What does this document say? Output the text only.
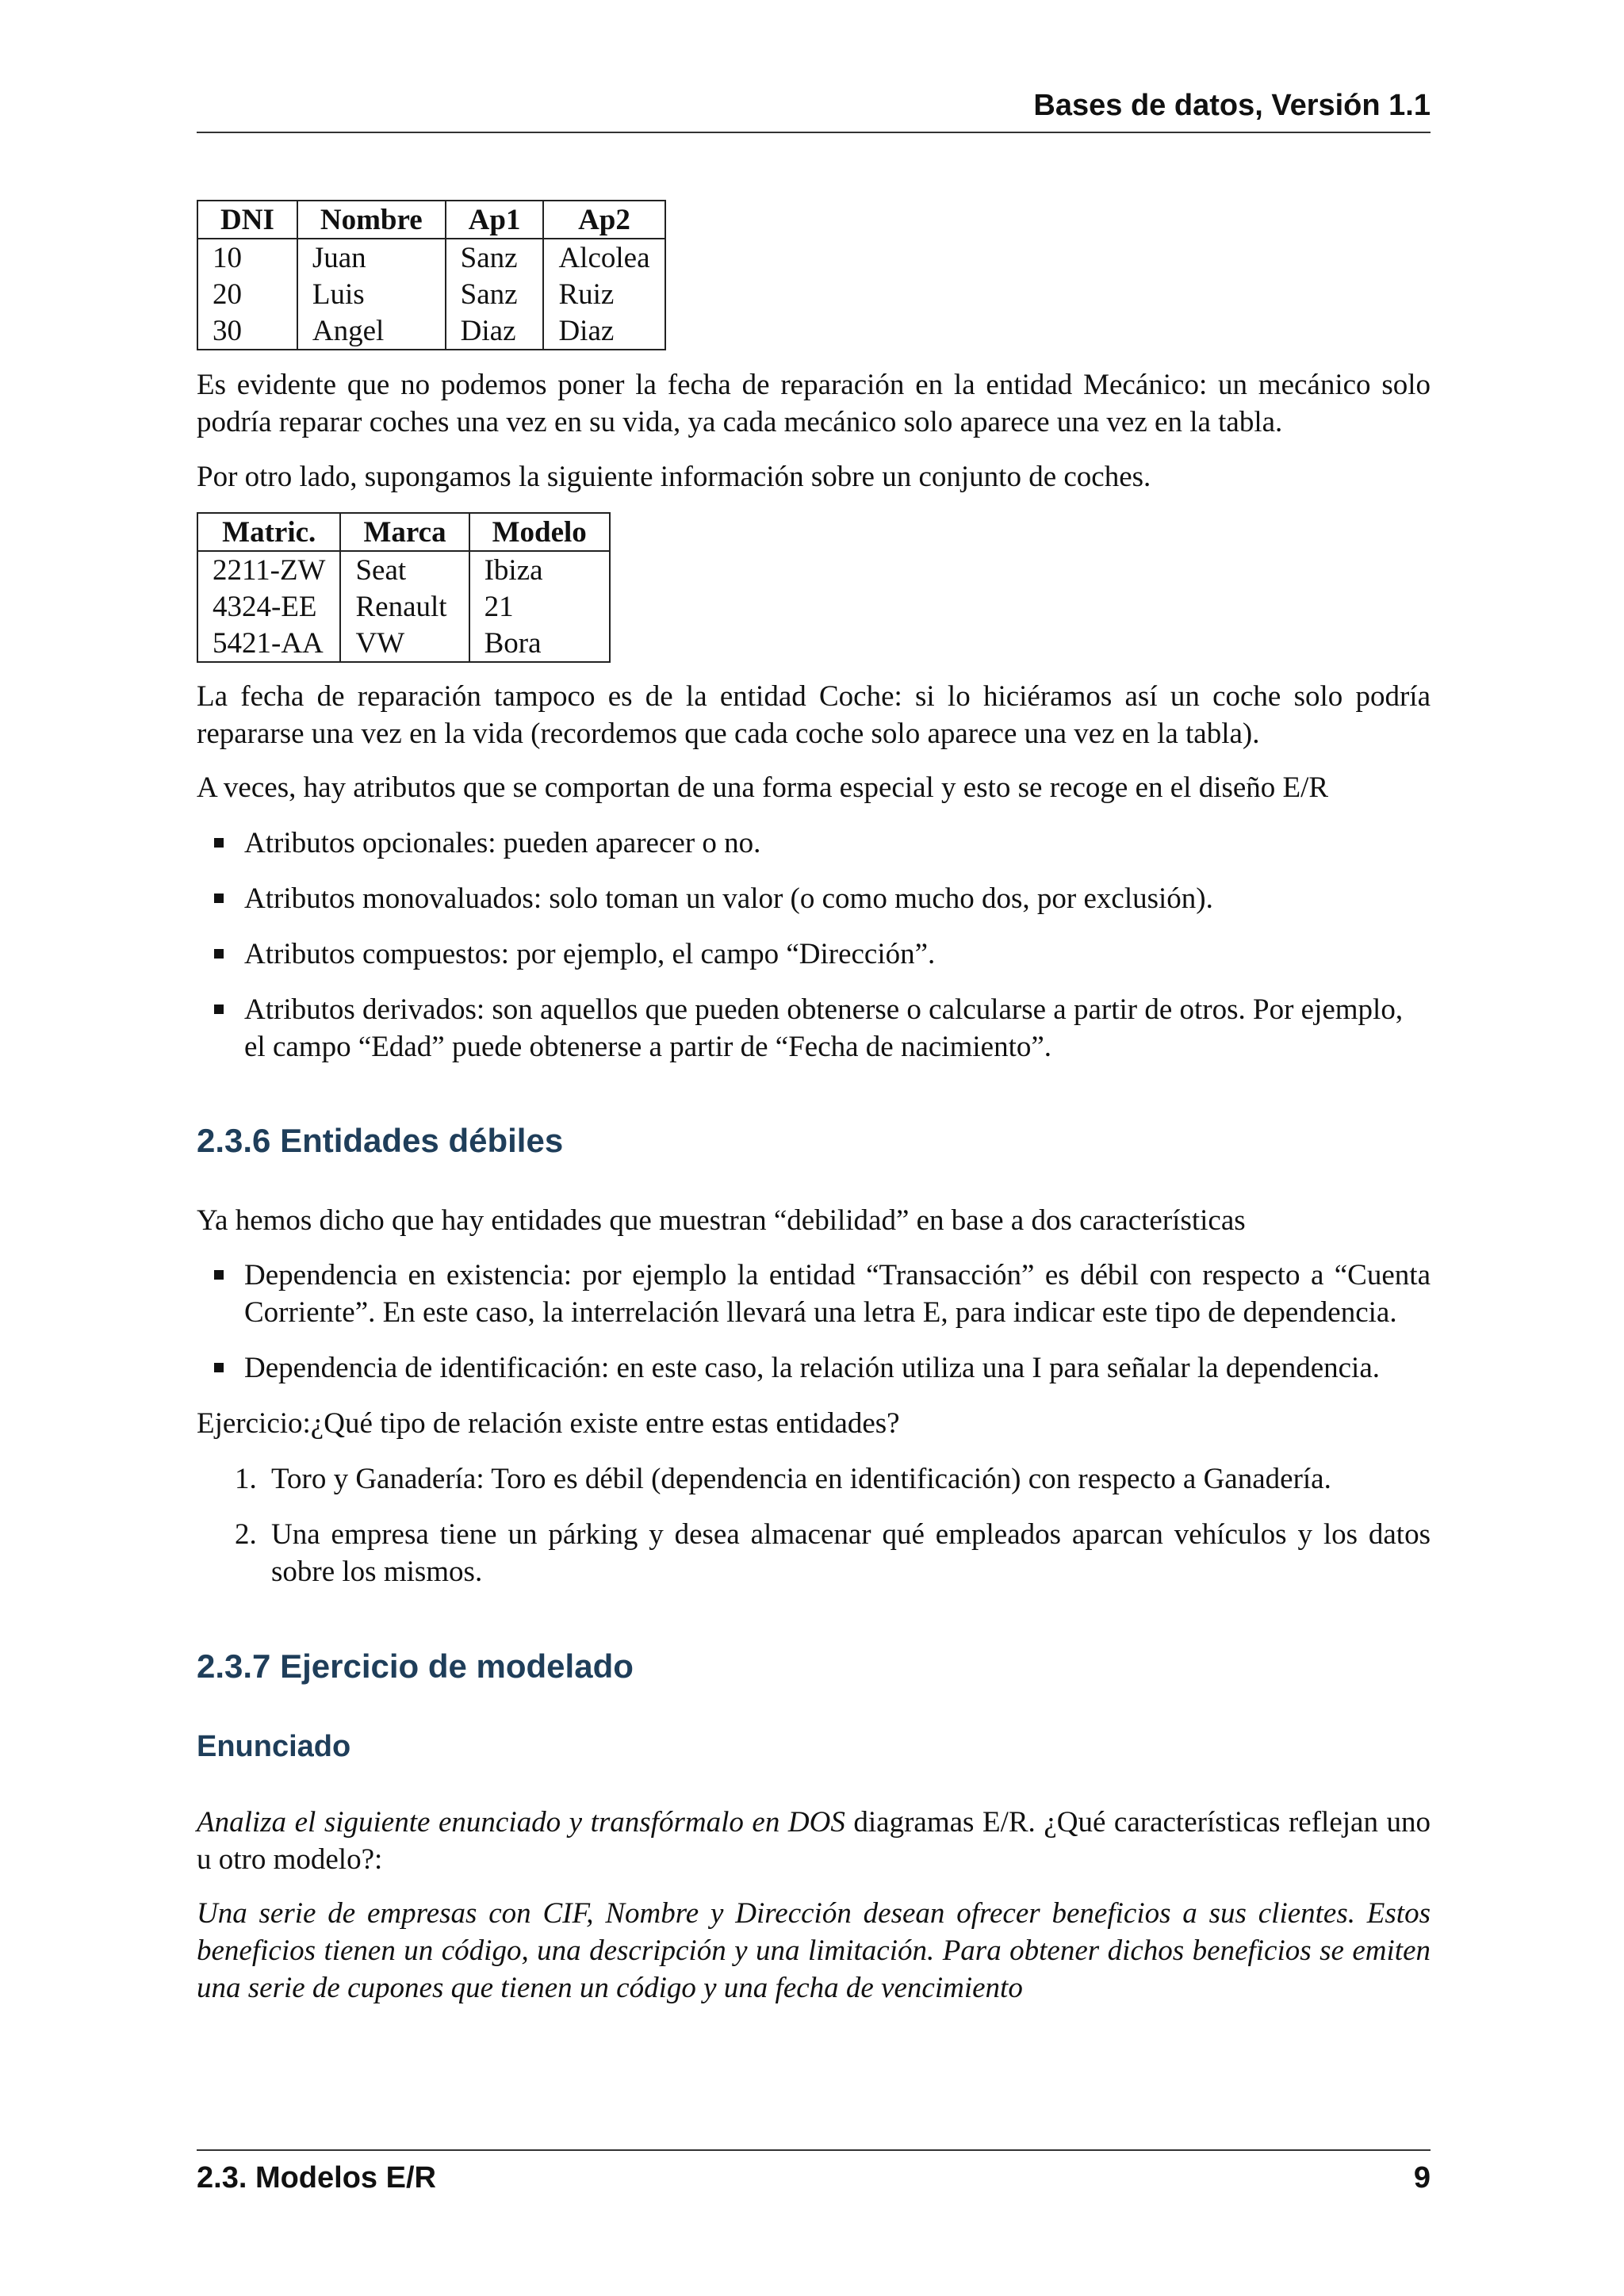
Bases de datos, Versión 1.1
DNI	Nombre	Ap1	Ap2
10	Juan	Sanz	Alcolea
20	Luis	Sanz	Ruiz
30	Angel	Diaz	Diaz
Es evidente que no podemos poner la fecha de reparación en la entidad Mecánico: un mecánico solo podría reparar coches una vez en su vida, ya cada mecánico solo aparece una vez en la tabla.
Por otro lado, supongamos la siguiente información sobre un conjunto de coches.
Matric.	Marca	Modelo
2211-ZW	Seat	Ibiza
4324-EE	Renault	21
5421-AA	VW	Bora
La fecha de reparación tampoco es de la entidad Coche: si lo hiciéramos así un coche solo podría repararse una vez en la vida (recordemos que cada coche solo aparece una vez en la tabla).
A veces, hay atributos que se comportan de una forma especial y esto se recoge en el diseño E/R
Atributos opcionales: pueden aparecer o no.
Atributos monovaluados: solo toman un valor (o como mucho dos, por exclusión).
Atributos compuestos: por ejemplo, el campo “Dirección”.
Atributos derivados: son aquellos que pueden obtenerse o calcularse a partir de otros. Por ejemplo, el campo “Edad” puede obtenerse a partir de “Fecha de nacimiento”.
2.3.6 Entidades débiles
Ya hemos dicho que hay entidades que muestran “debilidad” en base a dos características
Dependencia en existencia: por ejemplo la entidad “Transacción” es débil con respecto a “Cuenta Corriente”. En este caso, la interrelación llevará una letra E, para indicar este tipo de dependencia.
Dependencia de identificación: en este caso, la relación utiliza una I para señalar la dependencia.
Ejercicio:¿Qué tipo de relación existe entre estas entidades?
1. Toro y Ganadería: Toro es débil (dependencia en identificación) con respecto a Ganadería.
2. Una empresa tiene un párking y desea almacenar qué empleados aparcan vehículos y los datos sobre los mismos.
2.3.7 Ejercicio de modelado
Enunciado
Analiza el siguiente enunciado y transfórmalo en DOS diagramas E/R. ¿Qué características reflejan uno u otro modelo?:
Una serie de empresas con CIF, Nombre y Dirección desean ofrecer beneficios a sus clientes. Estos beneficios tienen un código, una descripción y una limitación. Para obtener dichos beneficios se emiten una serie de cupones que tienen un código y una fecha de vencimiento
2.3. Modelos E/R	9
